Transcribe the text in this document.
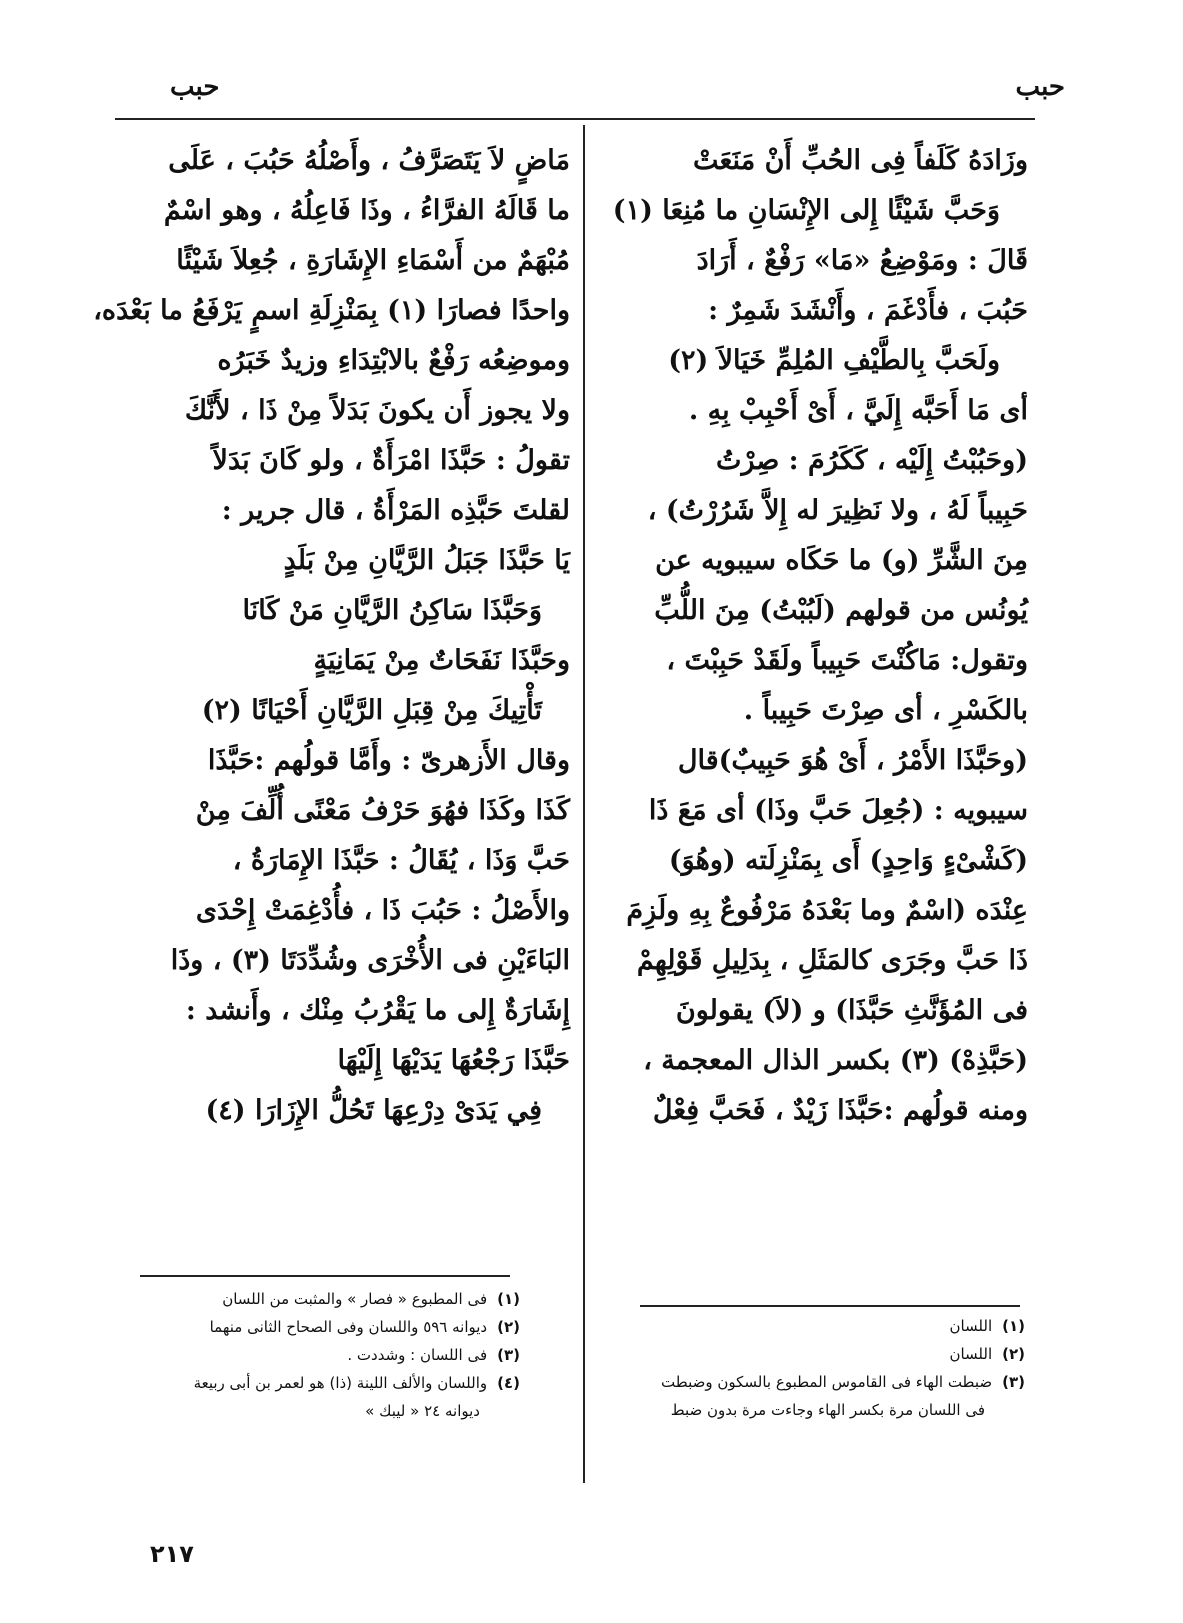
حبب
حبب
وزَادَهُ كَلَفاً فِى الحُبِّ أَنْ مَنَعَتْ
وَحَبَّ شَيْئًا إِلى الإِنْسَانِ ما مُنِعَا (١)
قَالَ : ومَوْضِعُ «مَا» رَفْعٌ ، أَرَادَ
حَبُبَ ، فأَدْغَمَ ، وأَنْشَدَ شَمِرٌ :
ولَحَبَّ بِالطَّيْفِ المُلِمِّ خَيَالاَ (٢)
أى مَا أَحَبَّه إِلَيَّ ، أَىْ أَحْبِبْ بِهِ .
(وحَبُبْتُ إِلَيْه ، كَكَرُمَ : صِرْتُ
حَبِيباً لَهُ ، ولا نَظِيرَ له إِلاَّ شَرُرْتُ) ،
مِنَ الشَّرِّ (و) ما حَكَاه سيبويه عن
يُونُس من قولهم (لَبُبْتُ) مِنَ اللُّبِّ
وتقول: مَاكُنْتَ حَبِيباً ولَقَدْ حَبِبْتَ ،
بالكَسْرِ ، أى صِرْتَ حَبِيباً .
(وحَبَّذَا الأَمْرُ ، أَىْ هُوَ حَبِيبٌ)قال
سيبويه : (جُعِلَ حَبَّ وذَا) أى مَعَ ذَا
(كَشْىْءٍ وَاحِدٍ) أَى بِمَنْزِلَته (وهُوَ)
عِنْدَه (اسْمٌ وما بَعْدَهُ مَرْفُوعٌ بِهِ ولَزِمَ
ذَا حَبَّ وجَرَى كالمَثَلِ ، بِدَلِيلِ قَوْلِهِمْ
فى المُؤَنَّثِ حَبَّذَا) و (لاَ) يقولونَ
(حَبَّذِهْ) (٣) بكسر الذال المعجمة ،
ومنه قولُهم :حَبَّذَا زَيْدٌ ، فَحَبَّ فِعْلٌ
مَاضٍ لاَ يَتَصَرَّفُ ، وأَصْلُهُ حَبُبَ ، عَلَى
ما قَالَهُ الفرَّاءُ ، وذَا فَاعِلُهُ ، وهو اسْمٌ
مُبْهَمٌ من أَسْمَاءِ الإِشَارَةِ ، جُعِلاَ شَيْئًا
واحدًا فصارَا (١) بِمَنْزِلَةِ اسمٍ يَرْفَعُ ما بَعْدَه،
وموضِعُه رَفْعٌ بالابْتِدَاءِ وزيدٌ خَبَرُه
ولا يجوز أَن يكونَ بَدَلاً مِنْ ذَا ، لأَنَّكَ
تقولُ : حَبَّذَا امْرَأَةٌ ، ولو كَانَ بَدَلاً
لقلتَ حَبَّذِه المَرْأَةُ ، قال جرير :
يَا حَبَّذَا جَبَلُ الرَّيَّانِ مِنْ بَلَدٍ
وَحَبَّذَا سَاكِنُ الرَّيَّانِ مَنْ كَانَا
وحَبَّذَا نَفَحَاتٌ مِنْ يَمَانِيَةٍ
تَأْتِيكَ مِنْ قِبَلِ الرَّيَّانِ أَحْيَانًا (٢)
وقال الأَزهرىّ : وأَمَّا قولُهم :حَبَّذَا
كَذَا وكَذَا فهُوَ حَرْفُ مَعْنًى أُلِّفَ مِنْ
حَبَّ وَذَا ، يُقَالُ : حَبَّذَا الإِمَارَةُ ،
والأَصْلُ : حَبُبَ ذَا ، فأُدْغِمَتْ إِحْدَى
البَاءَيْنِ فى الأُخْرَى وشُدِّدَتَا (٣) ، وذَا
إِشَارَةٌ إِلى ما يَقْرُبُ مِنْك ، وأَنشد :
حَبَّذَا رَجْعُهَا يَدَيْهَا إِلَيْهَا
فِي يَدَىْ دِرْعِهَا تَحُلُّ الإِزَارَا (٤)
(١)فى المطبوع « فصار » والمثبت من اللسان
(٢)ديوانه ٥٩٦ واللسان وفى الصحاح الثانى منهما
(٣)فى اللسان : وشددت .
(٤)واللسان والألف اللينة (ذا) هو لعمر بن أبى ربيعة
ديوانه ٢٤ « ليبك »
(١)اللسان
(٢)اللسان
(٣)ضبطت الهاء فى القاموس المطبوع بالسكون وضبطت
فى اللسان مرة بكسر الهاء وجاءت مرة بدون ضبط
٢١٧
